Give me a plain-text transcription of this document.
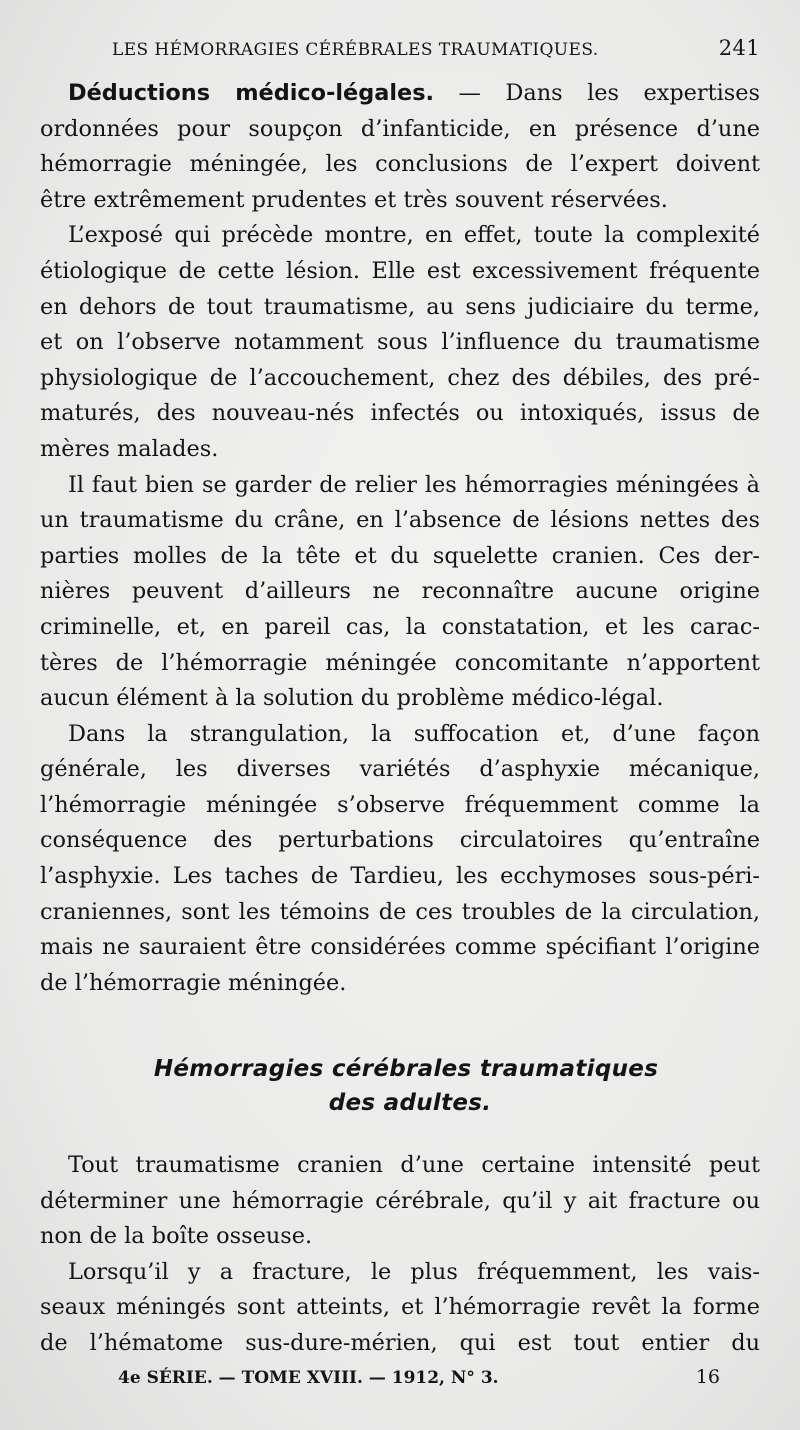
LES HÉMORRAGIES CÉRÉBRALES TRAUMATIQUES.	241
Déductions médico-légales. — Dans les expertises
ordonnées pour soupçon d’infanticide, en présence d’une
hémorragie méningée, les conclusions de l’expert doivent
être extrêmement prudentes et très souvent réservées.
L’exposé qui précède montre, en effet, toute la complexité
étiologique de cette lésion. Elle est excessivement fréquente
en dehors de tout traumatisme, au sens judiciaire du terme,
et on l’observe notamment sous l’influence du traumatisme
physiologique de l’accouchement, chez des débiles, des pré-
maturés, des nouveau-nés infectés ou intoxiqués, issus de
mères malades.
Il faut bien se garder de relier les hémorragies méningées à
un traumatisme du crâne, en l’absence de lésions nettes des
parties molles de la tête et du squelette cranien. Ces der-
nières peuvent d’ailleurs ne reconnaître aucune origine
criminelle, et, en pareil cas, la constatation, et les carac-
tères de l’hémorragie méningée concomitante n’apportent
aucun élément à la solution du problème médico-légal.
Dans la strangulation, la suffocation et, d’une façon
générale, les diverses variétés d’asphyxie mécanique,
l’hémorragie méningée s’observe fréquemment comme la
conséquence des perturbations circulatoires qu’entraîne
l’asphyxie. Les taches de Tardieu, les ecchymoses sous-péri-
craniennes, sont les témoins de ces troubles de la circulation,
mais ne sauraient être considérées comme spécifiant l’origine
de l’hémorragie méningée.
Hémorragies cérébrales traumatiques
des adultes.
Tout traumatisme cranien d’une certaine intensité peut
déterminer une hémorragie cérébrale, qu’il y ait fracture ou
non de la boîte osseuse.
Lorsqu’il y a fracture, le plus fréquemment, les vais-
seaux méningés sont atteints, et l’hémorragie revêt la forme
de l’hématome sus-dure-mérien, qui est tout entier du
4e SÉRIE. — TOME XVIII. — 1912, N° 3.	16
